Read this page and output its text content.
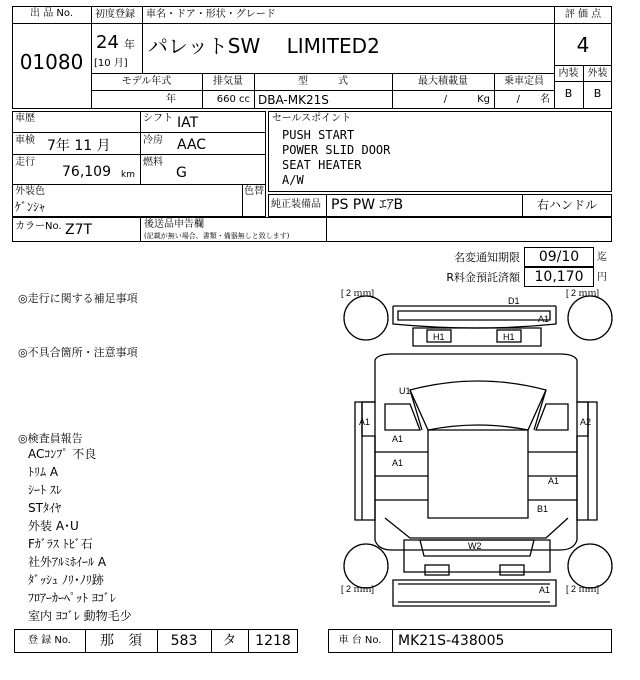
出 品 No.
01080
初度登録 車名・ドア・形状・グレード
24 年
[10 月]
パレットSW　 LIMITED2
評 価 点
4
内装 外装
B	B
モデル年式	排気量	型　　　式	最大積載量	乗車定員
年	660 cc DBA-MK21S	/　　　Kg	/　　名
車歴
車検 7年 11 月
走行
76,109 km
シフト IAT
冷房 AAC
燃料
G
外装色
ｹﾞﾝｼｬ
色替
セールスポイント
PUSH START
POWER SLID DOOR
SEAT HEATER
A/W
純正装備品 PS PW ｴｱB	右ハンドル
カラーNo. Z7T	後送品申告欄
(記載が無い場合、書類・備器無しと致します)
名変通知期限	09/10	迄
R料金預託済額	10,170	円
◎走行に関する補足事項
◎不具合箇所・注意事項
◎検査員報告
ACｺﾝﾌﾟ 不良
ﾄﾘﾑ A
ｼｰﾄ ｽﾚ
STﾀｲﾔ
外装 A･U
Fｶﾞﾗｽ ﾄﾋﾞ石
社外ｱﾙﾐﾎｲｰﾙ A
ﾀﾞｯｼｭ ﾉﾘ･ﾉﾘ跡
ﾌﾛｱｰｶｰﾍﾟｯﾄ ﾖｺﾞﾚ
室内 ﾖｺﾞﾚ 動物毛少
[ 2 ｍｍ]	[ 2 ｍｍ]
[ 2 ｍｍ]	[ 2 ｍｍ]
D1
A1
H1	H1
U1
A1
A1
A1
A2
A1
B1
W2
A1
登 録 No.	那　須	583	タ	1218	車 台 No.	MK21S-438005
